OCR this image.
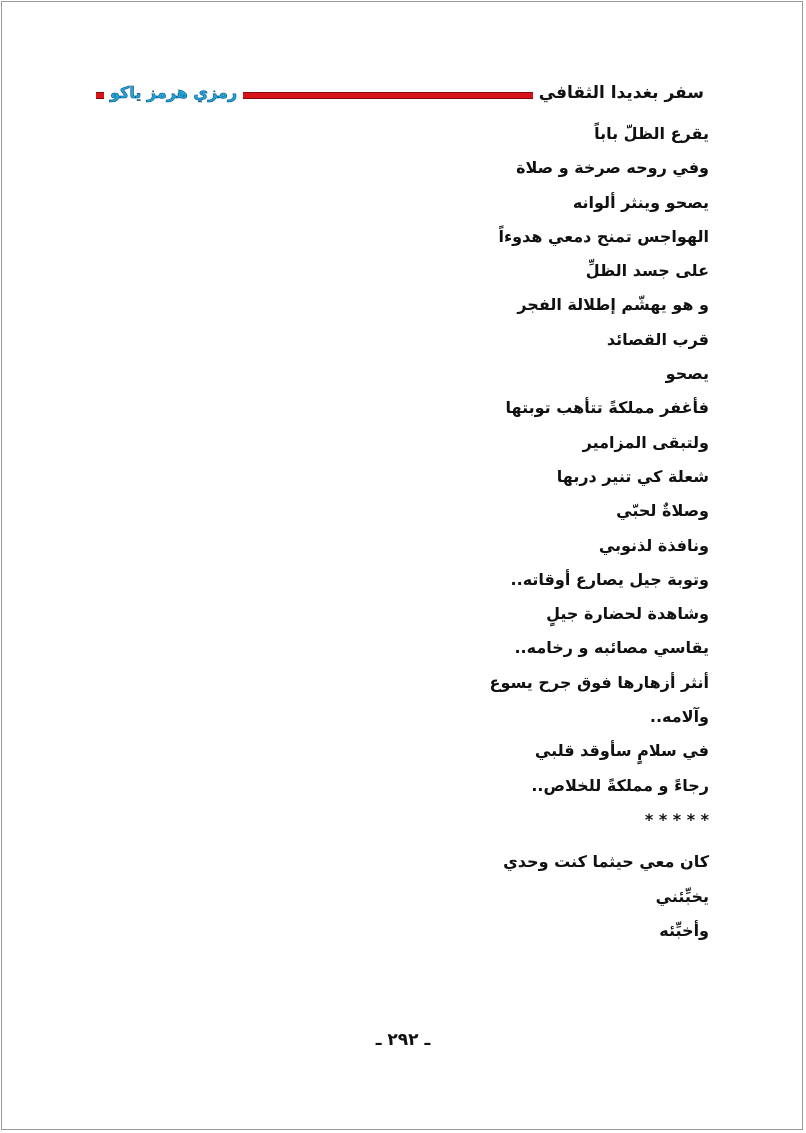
سفر بغديدا الثقافي
رمزي هرمز ياكو
يقرع الظلّ باباً
وفي روحه صرخة و صلاة
يصحو وينثر ألوانه
الهواجس تمنح دمعي هدوءاً
على جسد الظلِّ
و هو يهشّم إطلالة الفجر
قرب القصائد
يصحو
فأغفر مملكةً تتأهب توبتها
ولتبقى المزامير
شعلة كي تنير دربها
وصلاةٌ لحبّي
ونافذة لذنوبي
وتوبة جيل يصارع أوقاته..
وشاهدة لحضارة جيلٍ
يقاسي مصائبه و رخامه..
أنثر أزهارها فوق جرح يسوع
وآلامه..
في سلامٍ سأوقد قلبي
رجاءً و مملكةً للخلاص..
* * * * *
كان معي حيثما كنت وحدي
يخبِّئني
وأخبِّئه
ـ ٢٩٢ ـ
